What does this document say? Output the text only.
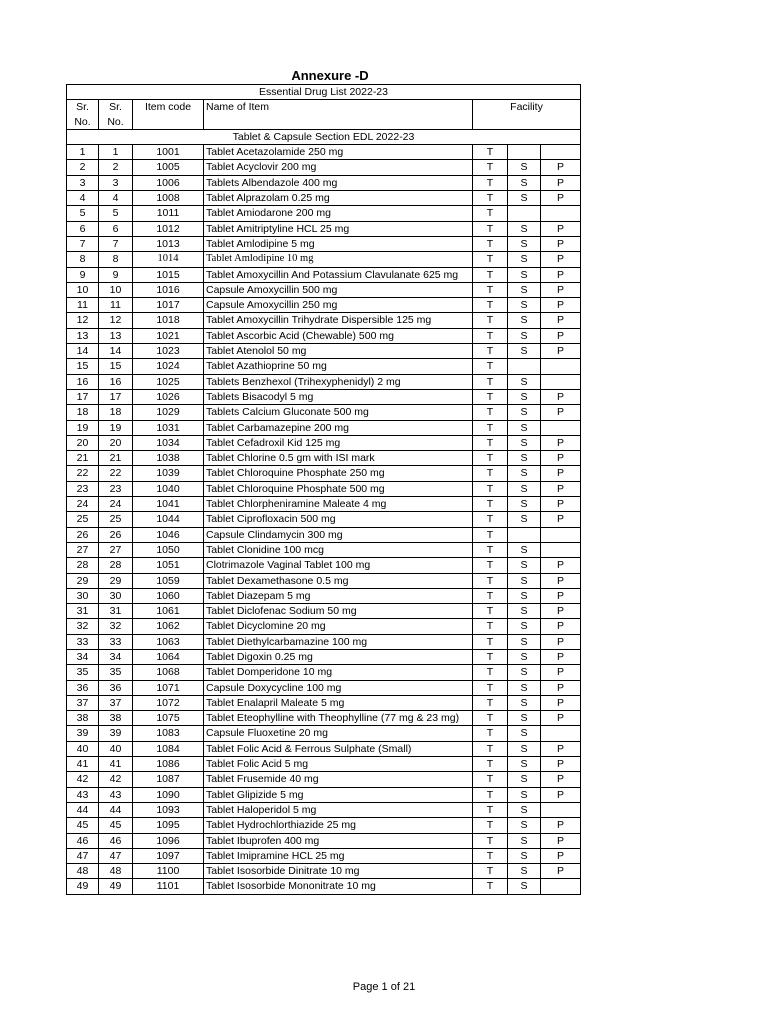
Annexure -D
Essential Drug List 2022-23						
Sr.
No.	Sr.
No.	Item code	Name of Item	Facility		
Tablet & Capsule Section EDL 2022-23						
1	1	1001	Tablet Acetazolamide 250 mg	T		
2	2	1005	Tablet Acyclovir 200 mg	T	S	P
3	3	1006	Tablets Albendazole 400 mg	T	S	P
4	4	1008	Tablet Alprazolam 0.25 mg	T	S	P
5	5	1011	Tablet Amiodarone 200 mg	T		
6	6	1012	Tablet Amitriptyline HCL 25 mg	T	S	P
7	7	1013	Tablet Amlodipine 5 mg	T	S	P
8	8	1014	Tablet Amlodipine 10 mg	T	S	P
9	9	1015	Tablet Amoxycillin And Potassium Clavulanate 625 mg	T	S	P
10	10	1016	Capsule Amoxycillin 500 mg	T	S	P
11	11	1017	Capsule Amoxycillin 250 mg	T	S	P
12	12	1018	Tablet Amoxycillin Trihydrate Dispersible 125 mg	T	S	P
13	13	1021	Tablet Ascorbic Acid (Chewable) 500 mg	T	S	P
14	14	1023	Tablet Atenolol 50 mg	T	S	P
15	15	1024	Tablet Azathioprine 50 mg	T		
16	16	1025	Tablets Benzhexol (Trihexyphenidyl) 2 mg	T	S	
17	17	1026	Tablets Bisacodyl 5 mg	T	S	P
18	18	1029	Tablets Calcium Gluconate 500 mg	T	S	P
19	19	1031	Tablet Carbamazepine 200 mg	T	S	
20	20	1034	Tablet Cefadroxil Kid 125 mg	T	S	P
21	21	1038	Tablet Chlorine 0.5 gm with ISI mark	T	S	P
22	22	1039	Tablet Chloroquine Phosphate 250 mg	T	S	P
23	23	1040	Tablet Chloroquine Phosphate 500 mg	T	S	P
24	24	1041	Tablet Chlorpheniramine Maleate 4 mg	T	S	P
25	25	1044	Tablet Ciprofloxacin 500 mg	T	S	P
26	26	1046	Capsule Clindamycin 300 mg	T		
27	27	1050	Tablet Clonidine 100 mcg	T	S	
28	28	1051	Clotrimazole Vaginal Tablet 100 mg	T	S	P
29	29	1059	Tablet Dexamethasone 0.5 mg	T	S	P
30	30	1060	Tablet Diazepam 5 mg	T	S	P
31	31	1061	Tablet Diclofenac Sodium 50 mg	T	S	P
32	32	1062	Tablet Dicyclomine 20 mg	T	S	P
33	33	1063	Tablet Diethylcarbamazine 100 mg	T	S	P
34	34	1064	Tablet Digoxin 0.25 mg	T	S	P
35	35	1068	Tablet Domperidone 10 mg	T	S	P
36	36	1071	Capsule Doxycycline 100 mg	T	S	P
37	37	1072	Tablet Enalapril Maleate 5 mg	T	S	P
38	38	1075	Tablet Eteophylline with Theophylline (77 mg & 23 mg)	T	S	P
39	39	1083	Capsule Fluoxetine 20 mg	T	S	
40	40	1084	Tablet Folic Acid & Ferrous Sulphate (Small)	T	S	P
41	41	1086	Tablet Folic Acid 5 mg	T	S	P
42	42	1087	Tablet Frusemide 40 mg	T	S	P
43	43	1090	Tablet Glipizide 5 mg	T	S	P
44	44	1093	Tablet Haloperidol 5 mg	T	S	
45	45	1095	Tablet Hydrochlorthiazide 25 mg	T	S	P
46	46	1096	Tablet Ibuprofen 400 mg	T	S	P
47	47	1097	Tablet Imipramine HCL 25 mg	T	S	P
48	48	1100	Tablet Isosorbide Dinitrate 10 mg	T	S	P
49	49	1101	Tablet Isosorbide Mononitrate 10 mg	T	S	
Page 1 of 21
